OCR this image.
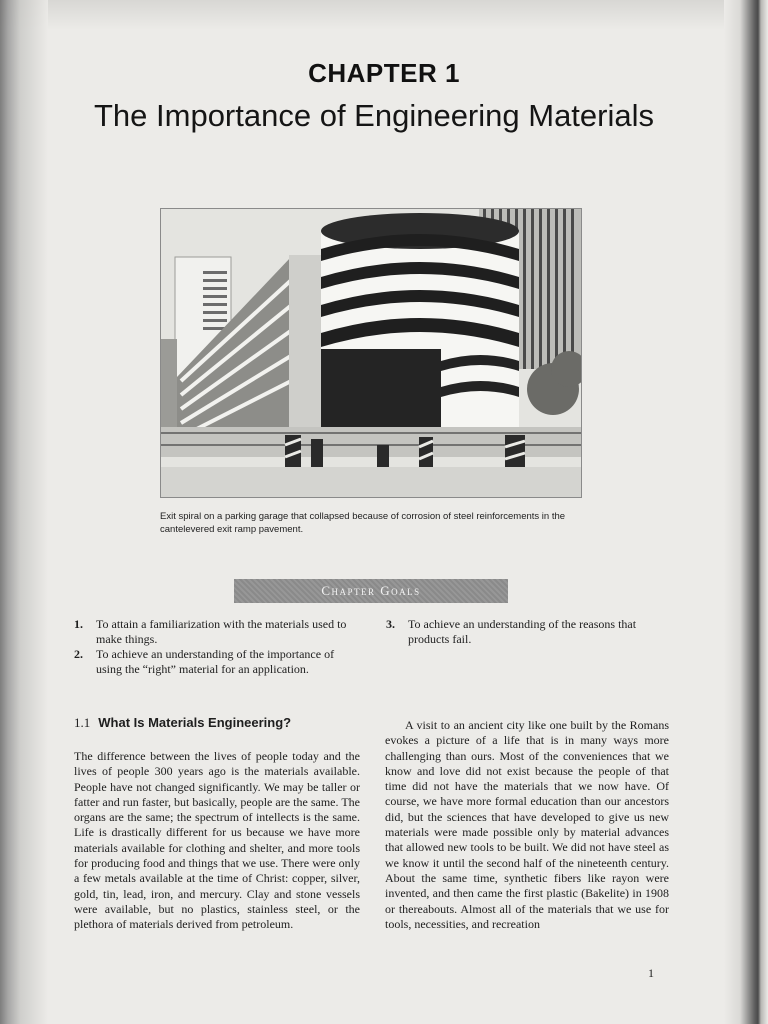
CHAPTER 1
The Importance of Engineering Materials
Exit spiral on a parking garage that collapsed because of corrosion of steel reinforcements in the cantelevered exit ramp pavement.
Chapter Goals
1. To attain a familiarization with the materials used to make things.
2. To achieve an understanding of the importance of using the “right” material for an application.
3. To achieve an understanding of the reasons that products fail.
1.1 What Is Materials Engineering?
The difference between the lives of people today and the lives of people 300 years ago is the materials available. People have not changed significantly. We may be taller or fatter and run faster, but basically, people are the same. The organs are the same; the spectrum of intellects is the same. Life is drastically different for us because we have more materials available for clothing and shelter, and more tools for producing food and things that we use. There were only a few metals available at the time of Christ: copper, silver, gold, tin, lead, iron, and mercury. Clay and stone vessels were available, but no plastics, stainless steel, or the plethora of materials derived from petroleum.
A visit to an ancient city like one built by the Romans evokes a picture of a life that is in many ways more challenging than ours. Most of the conveniences that we know and love did not exist because the people of that time did not have the materials that we now have. Of course, we have more formal education than our ancestors did, but the sciences that have developed to give us new materials were made possible only by material advances that allowed new tools to be built. We did not have steel as we know it until the second half of the nineteenth century. About the same time, synthetic fibers like rayon were invented, and then came the first plastic (Bakelite) in 1908 or thereabouts. Almost all of the materials that we use for tools, necessities, and recreation
1
